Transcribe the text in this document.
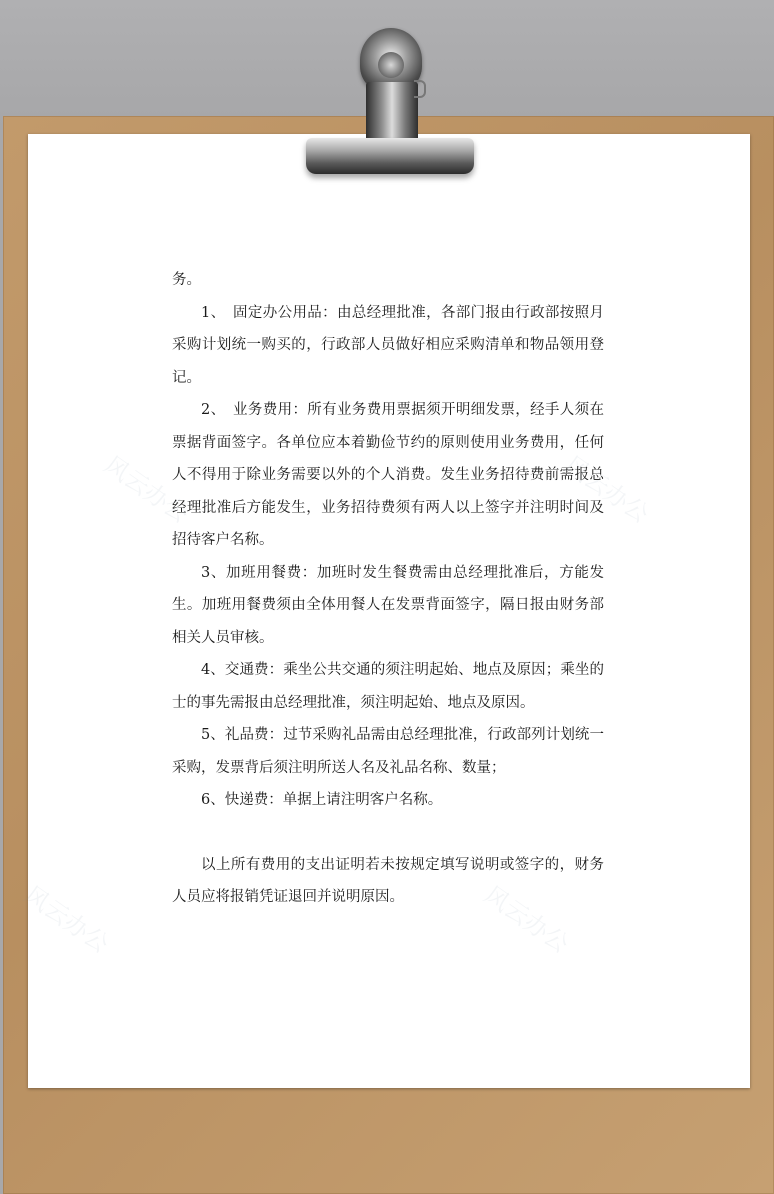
务。

1、　固定办公用品：由总经理批准，各部门报由行政部按照月采购计划统一购买的，行政部人员做好相应采购清单和物品领用登记。

2、　业务费用：所有业务费用票据须开明细发票，经手人须在票据背面签字。各单位应本着勤俭节约的原则使用业务费用，任何人不得用于除业务需要以外的个人消费。发生业务招待费前需报总经理批准后方能发生，业务招待费须有两人以上签字并注明时间及招待客户名称。

3、加班用餐费：加班时发生餐费需由总经理批准后，方能发生。加班用餐费须由全体用餐人在发票背面签字，隔日报由财务部相关人员审核。

4、交通费：乘坐公共交通的须注明起始、地点及原因；乘坐的士的事先需报由总经理批准，须注明起始、地点及原因。

5、礼品费：过节采购礼品需由总经理批准，行政部列计划统一采购，发票背后须注明所送人名及礼品名称、数量；

6、快递费：单据上请注明客户名称。

以上所有费用的支出证明若未按规定填写说明或签字的，财务人员应将报销凭证退回并说明原因。
